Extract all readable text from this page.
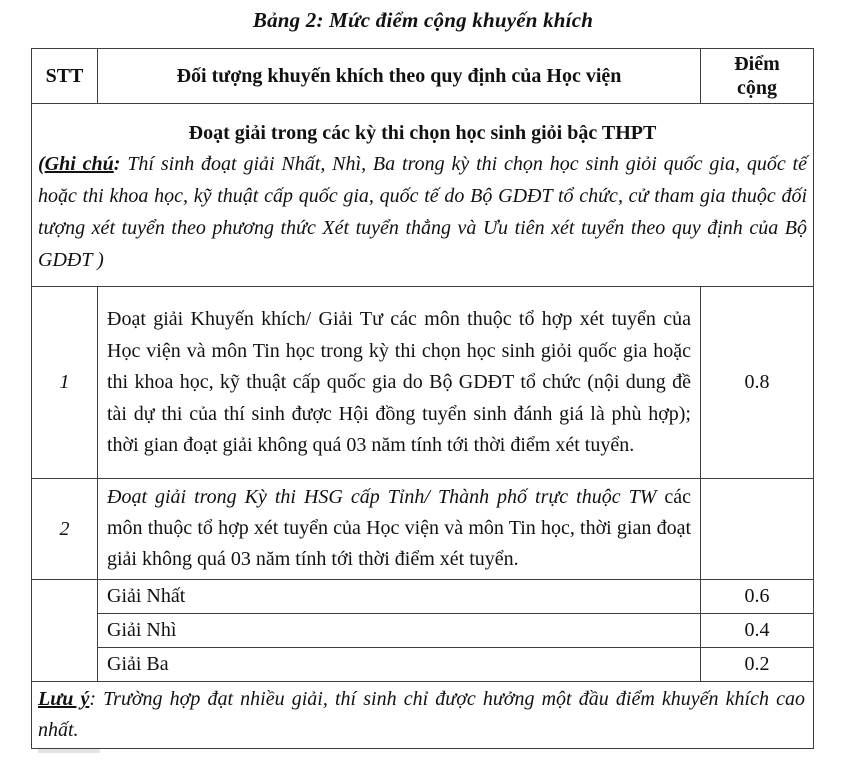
Bảng 2: Mức điểm cộng khuyến khích
STT	Đối tượng khuyến khích theo quy định của Học viện	Điểm
cộng

Đoạt giải trong các kỳ thi chọn học sinh giỏi bậc THPT
(Ghi chú: Thí sinh đoạt giải Nhất, Nhì, Ba trong kỳ thi chọn học sinh giỏi quốc gia, quốc tế hoặc thi khoa học, kỹ thuật cấp quốc gia, quốc tế do Bộ GDĐT tổ chức, cử tham gia thuộc đối tượng xét tuyển theo phương thức Xét tuyển thẳng và Ưu tiên xét tuyển theo quy định của Bộ GDĐT )		

1	Đoạt giải Khuyến khích/ Giải Tư các môn thuộc tổ hợp xét tuyển của Học viện và môn Tin học trong kỳ thi chọn học sinh giỏi quốc gia hoặc thi khoa học, kỹ thuật cấp quốc gia do Bộ GDĐT tổ chức (nội dung đề tài dự thi của thí sinh được Hội đồng tuyển sinh đánh giá là phù hợp); thời gian đoạt giải không quá 03 năm tính tới thời điểm xét tuyển.	0.8
2	Đoạt giải trong Kỳ thi HSG cấp Tỉnh/ Thành phố trực thuộc TW các môn thuộc tổ hợp xét tuyển của Học viện và môn Tin học, thời gian đoạt giải không quá 03 năm tính tới thời điểm xét tuyển.	
	Giải Nhất	0.6
	Giải Nhì	0.4
	Giải Ba	0.2
Lưu ý: Trường hợp đạt nhiều giải, thí sinh chỉ được hưởng một đầu điểm khuyến khích cao nhất.		
